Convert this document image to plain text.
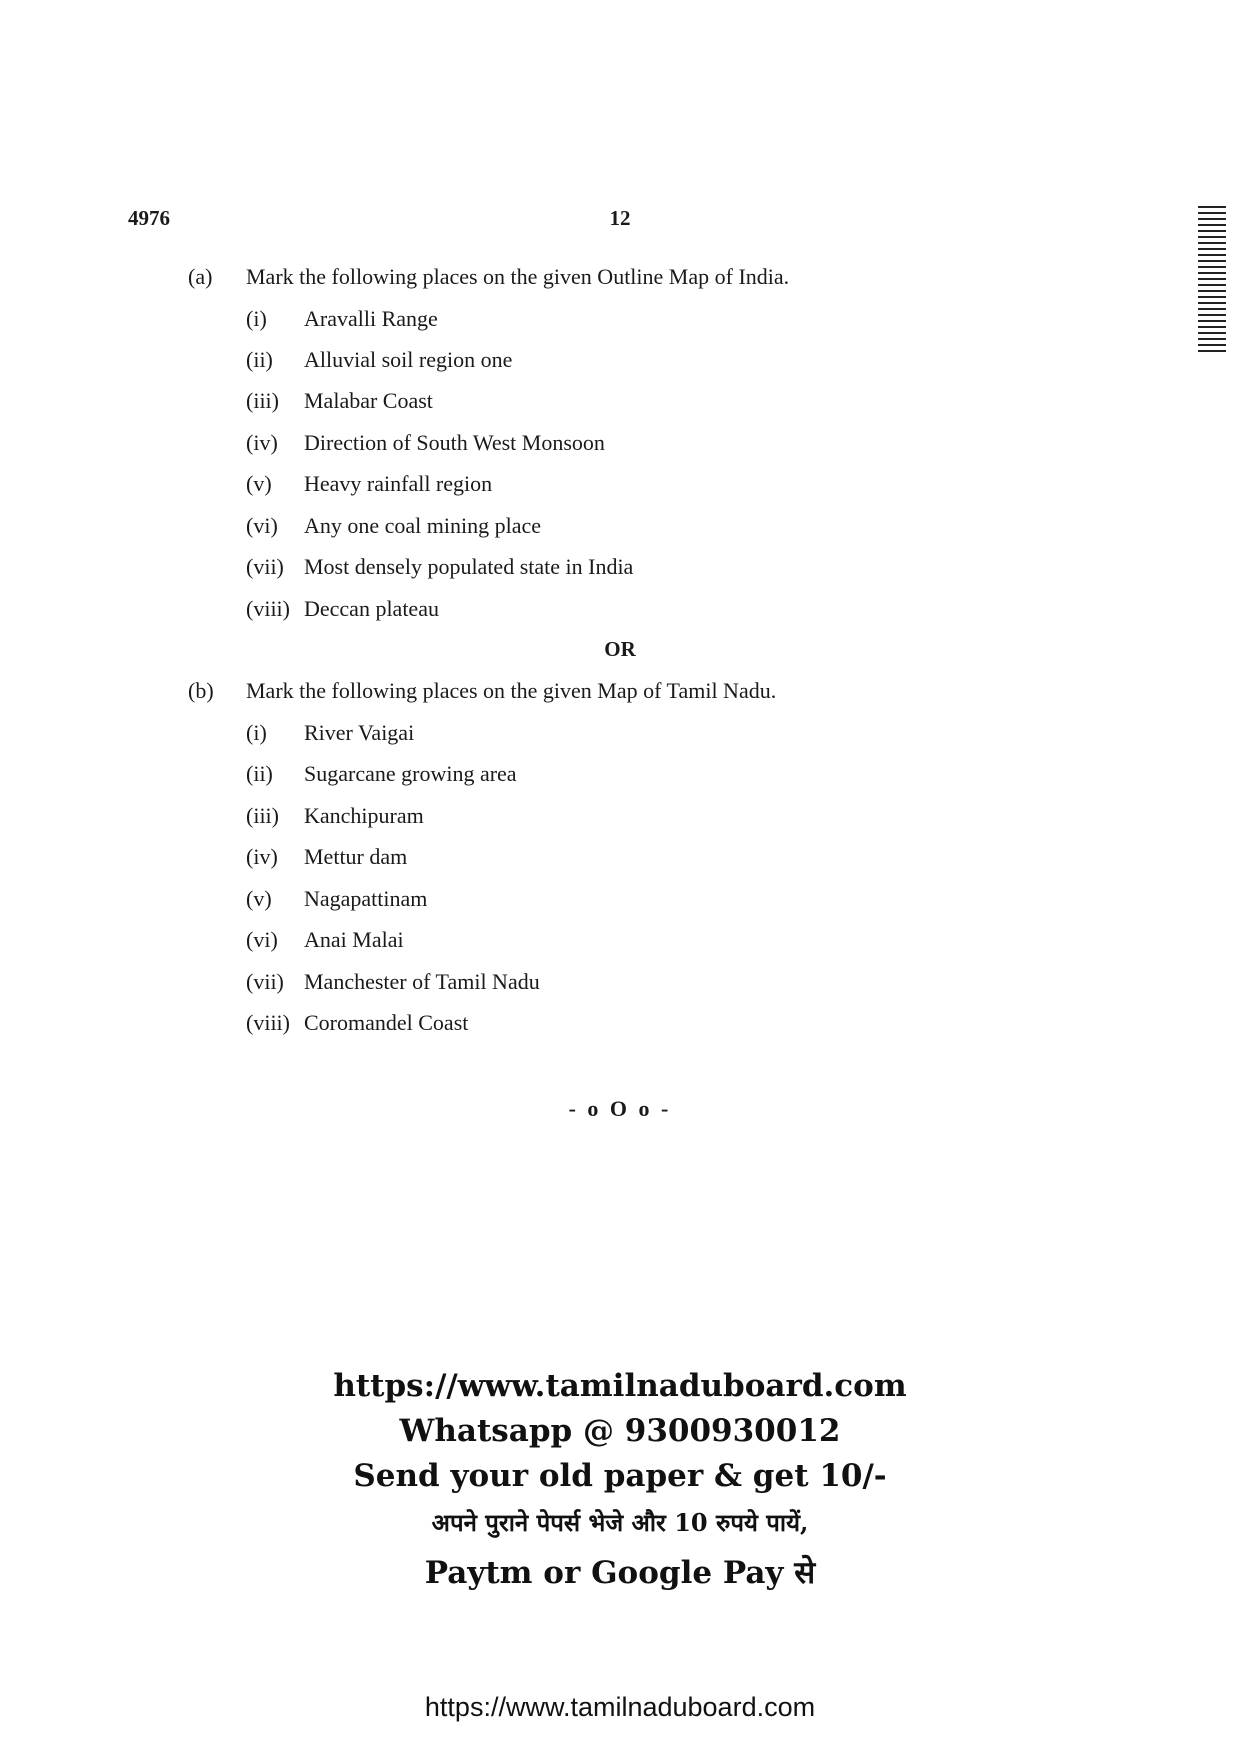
4976	12
(a) Mark the following places on the given Outline Map of India.
(i) Aravalli Range
(ii) Alluvial soil region one
(iii) Malabar Coast
(iv) Direction of South West Monsoon
(v) Heavy rainfall region
(vi) Any one coal mining place
(vii) Most densely populated state in India
(viii) Deccan plateau
OR
(b) Mark the following places on the given Map of Tamil Nadu.
(i) River Vaigai
(ii) Sugarcane growing area
(iii) Kanchipuram
(iv) Mettur dam
(v) Nagapattinam
(vi) Anai Malai
(vii) Manchester of Tamil Nadu
(viii) Coromandel Coast
- o O o -
https://www.tamilnaduboard.com
Whatsapp @ 9300930012
Send your old paper & get 10/-
अपने पुराने पेपर्स भेजे और 10 रुपये पायें,
Paytm or Google Pay से
https://www.tamilnaduboard.com
